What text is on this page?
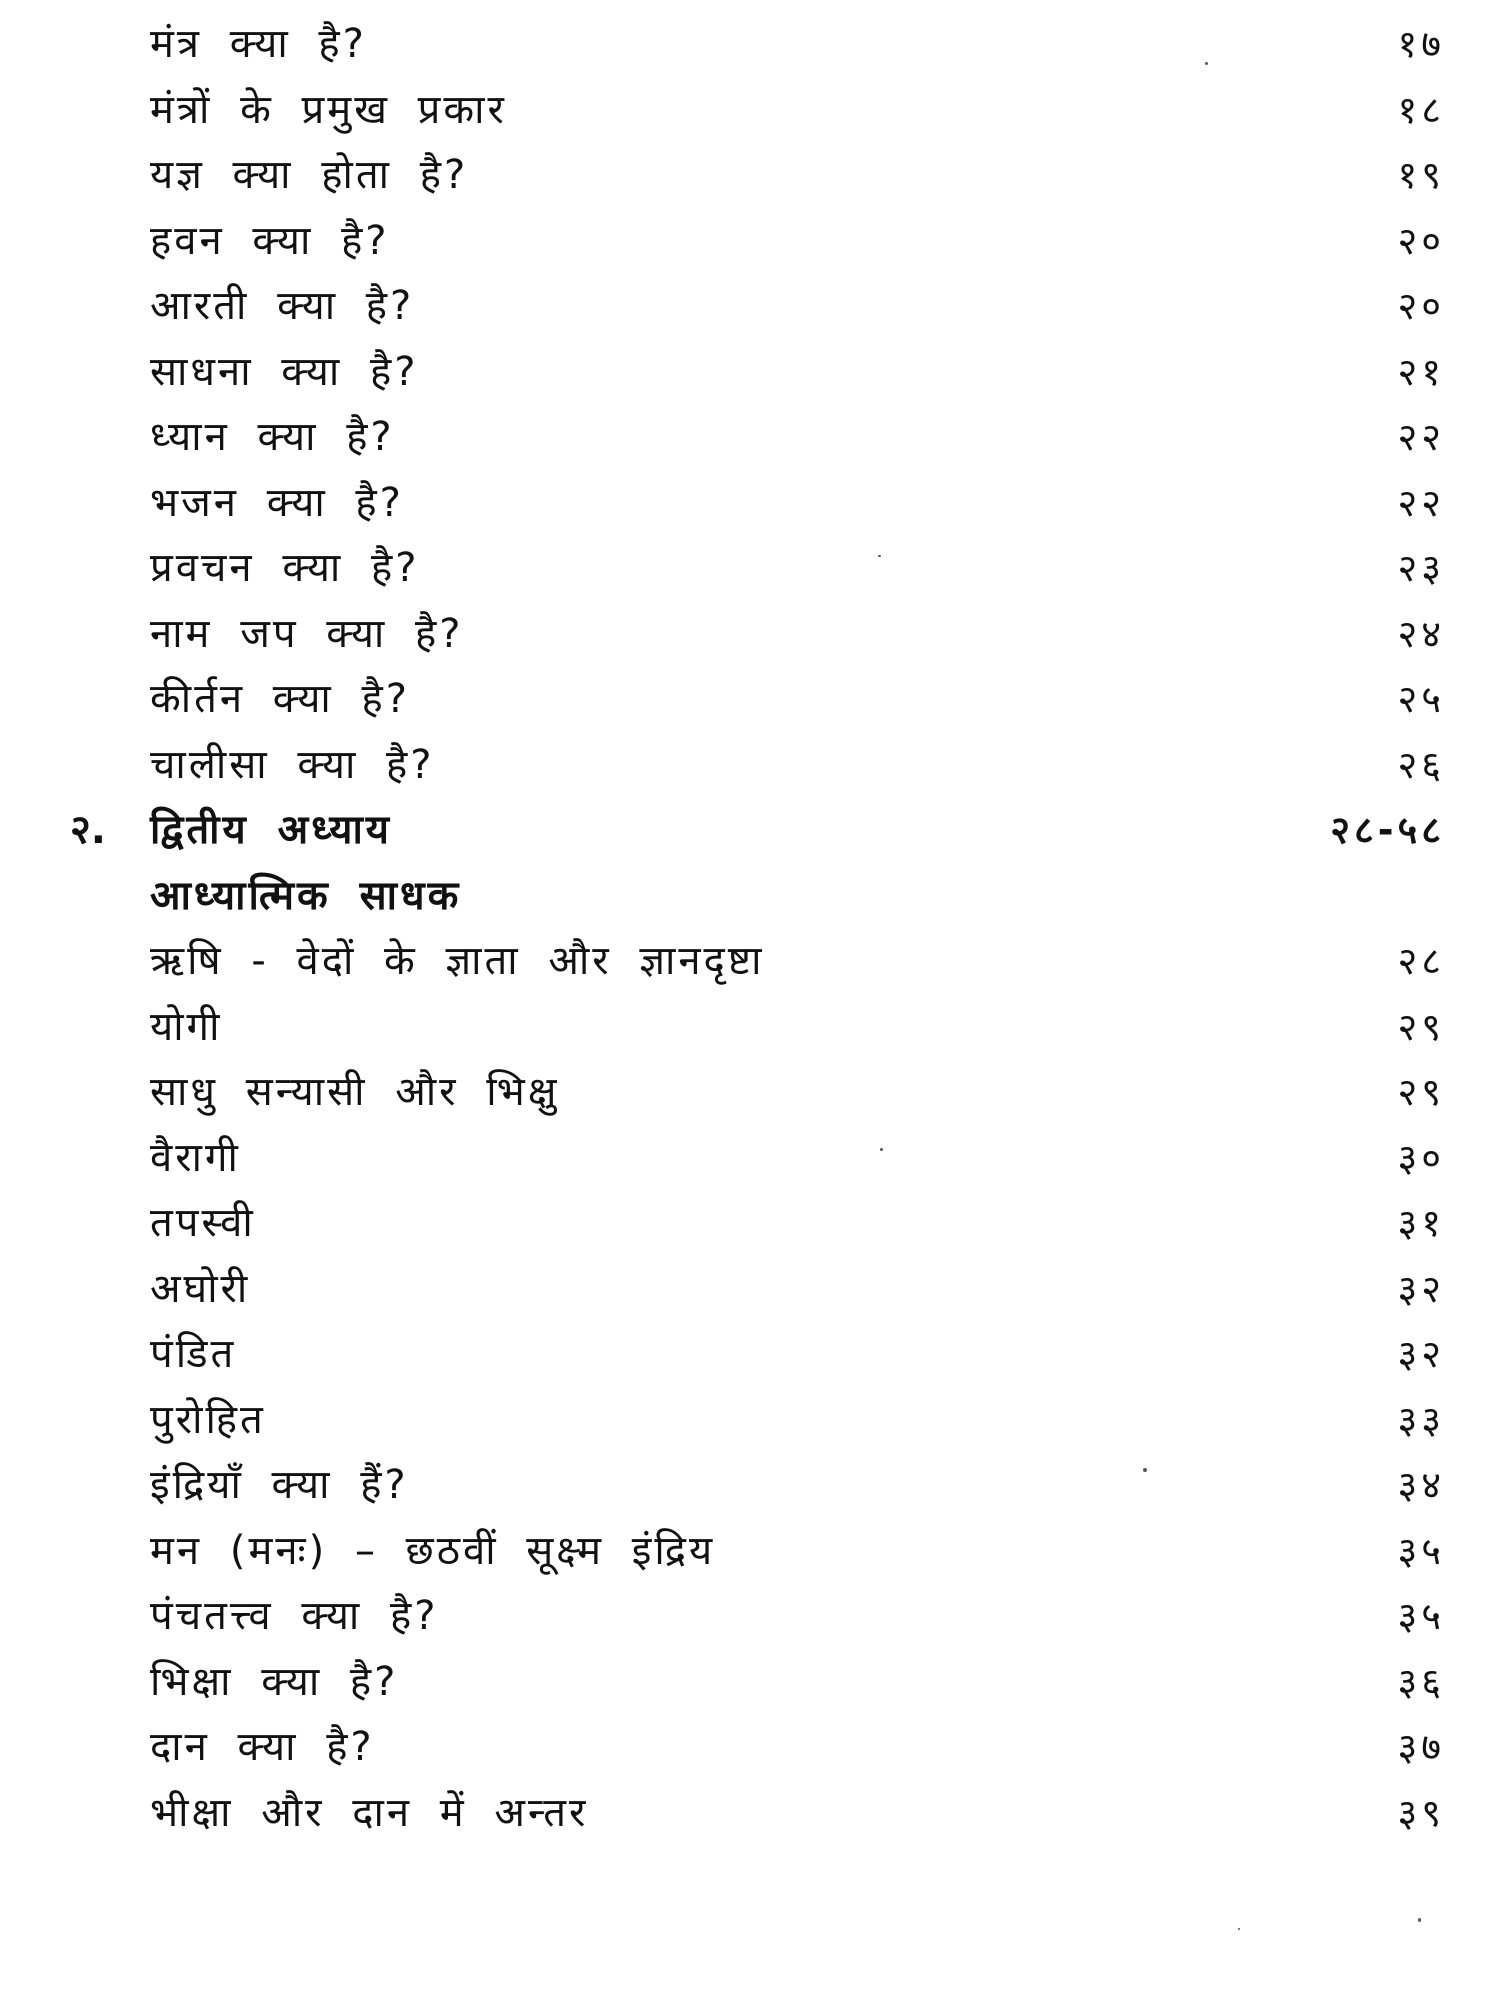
मंत्र क्या है?	१७
मंत्रों के प्रमुख प्रकार	१८
यज्ञ क्या होता है?	१९
हवन क्या है?	२०
आरती क्या है?	२०
साधना क्या है?	२१
ध्यान क्या है?	२२
भजन क्या है?	२२
प्रवचन क्या है?	२३
नाम जप क्या है?	२४
कीर्तन क्या है?	२५
चालीसा क्या है?	२६
२. द्वितीय अध्याय	२८-५८
आध्यात्मिक साधक
ऋषि - वेदों के ज्ञाता और ज्ञानदृष्टा	२८
योगी	२९
साधु सन्यासी और भिक्षु	२९
वैरागी	३०
तपस्वी	३१
अघोरी	३२
पंडित	३२
पुरोहित	३३
इंद्रियाँ क्या हैं?	३४
मन (मनः) – छठवीं सूक्ष्म इंद्रिय	३५
पंचतत्त्व क्या है?	३५
भिक्षा क्या है?	३६
दान क्या है?	३७
भीक्षा और दान में अन्तर	३९
